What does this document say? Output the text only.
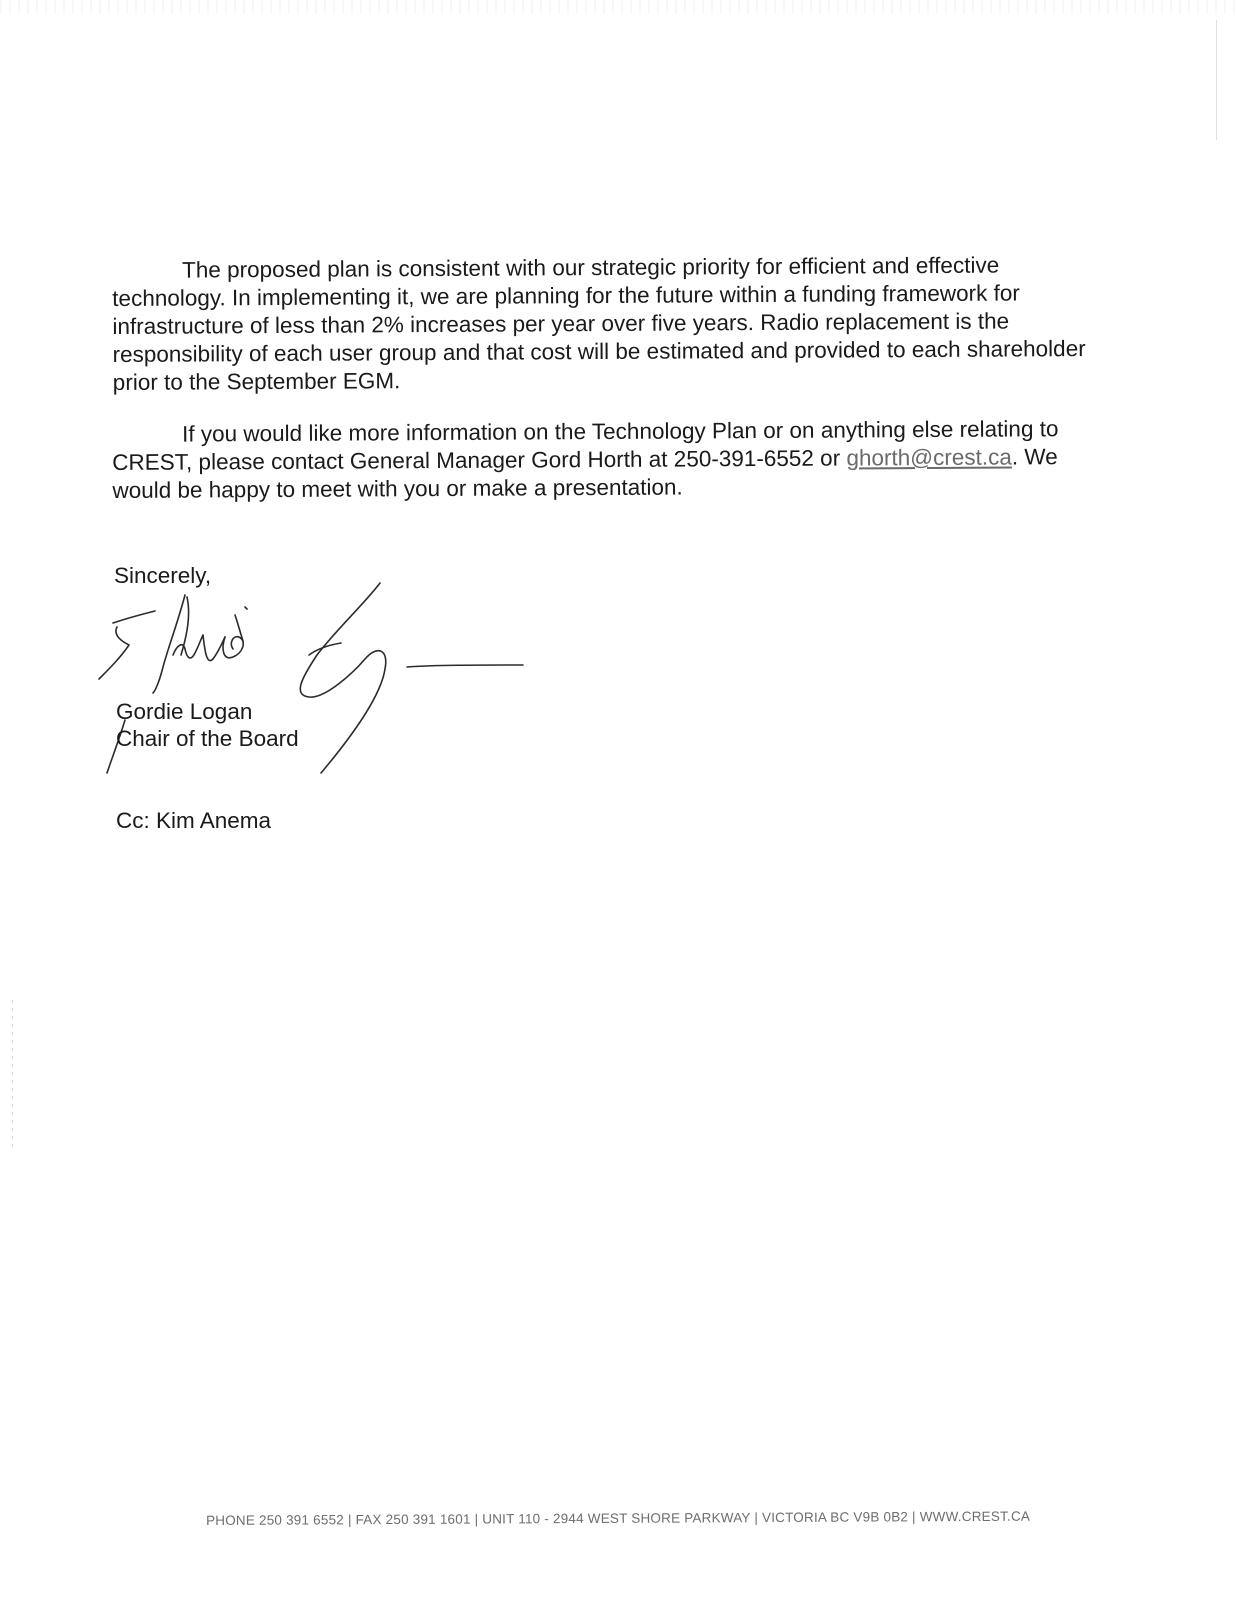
The proposed plan is consistent with our strategic priority for efficient and effective technology. In implementing it, we are planning for the future within a funding framework for infrastructure of less than 2% increases per year over five years. Radio replacement is the responsibility of each user group and that cost will be estimated and provided to each shareholder prior to the September EGM.

If you would like more information on the Technology Plan or on anything else relating to CREST, please contact General Manager Gord Horth at 250-391-6552 or ghorth@crest.ca. We would be happy to meet with you or make a presentation.

Sincerely,
Gordie Logan
Chair of the Board
Cc: Kim Anema
PHONE 250 391 6552 | FAX 250 391 1601 | UNIT 110 - 2944 WEST SHORE PARKWAY | VICTORIA BC V9B 0B2 | WWW.CREST.CA
